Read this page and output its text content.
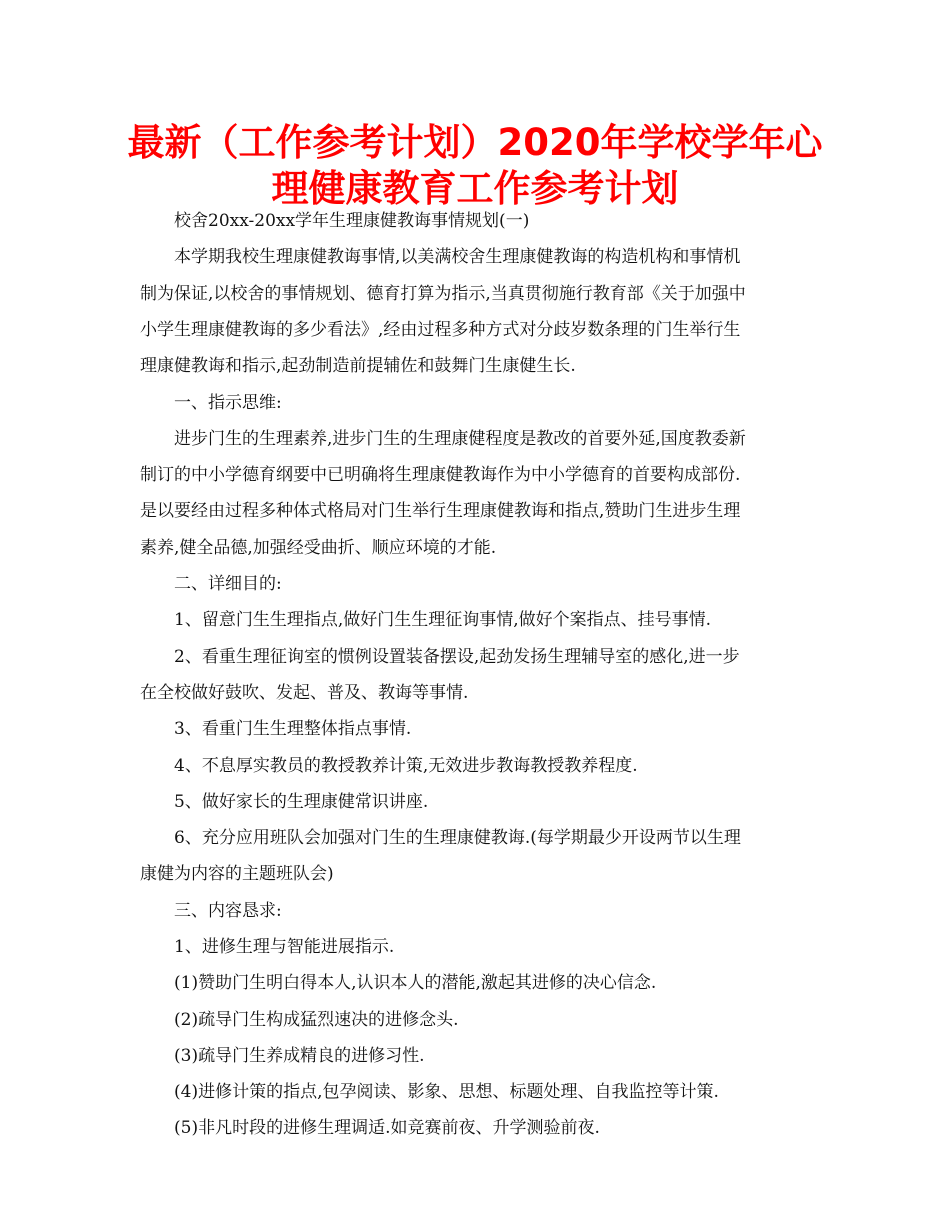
最新（工作参考计划）2020年学校学年心
理健康教育工作参考计划
校舍20xx-20xx学年生理康健教诲事情规划(一)
本学期我校生理康健教诲事情,以美满校舍生理康健教诲的构造机构和事情机
制为保证,以校舍的事情规划、德育打算为指示,当真贯彻施行教育部《关于加强中
小学生理康健教诲的多少看法》,经由过程多种方式对分歧岁数条理的门生举行生
理康健教诲和指示,起劲制造前提辅佐和鼓舞门生康健生长.
一、指示思维:
进步门生的生理素养,进步门生的生理康健程度是教改的首要外延,国度教委新
制订的中小学德育纲要中已明确将生理康健教诲作为中小学德育的首要构成部份.
是以要经由过程多种体式格局对门生举行生理康健教诲和指点,赞助门生进步生理
素养,健全品德,加强经受曲折、顺应环境的才能.
二、详细目的:
1、留意门生生理指点,做好门生生理征询事情,做好个案指点、挂号事情.
2、看重生理征询室的惯例设置装备摆设,起劲发扬生理辅导室的感化,进一步
在全校做好鼓吹、发起、普及、教诲等事情.
3、看重门生生理整体指点事情.
4、不息厚实教员的教授教养计策,无效进步教诲教授教养程度.
5、做好家长的生理康健常识讲座.
6、充分应用班队会加强对门生的生理康健教诲.(每学期最少开设两节以生理
康健为内容的主题班队会)
三、内容恳求:
1、进修生理与智能进展指示.
(1)赞助门生明白得本人,认识本人的潜能,激起其进修的决心信念.
(2)疏导门生构成猛烈速决的进修念头.
(3)疏导门生养成精良的进修习性.
(4)进修计策的指点,包孕阅读、影象、思想、标题处理、自我监控等计策.
(5)非凡时段的进修生理调适.如竞赛前夜、升学测验前夜.
